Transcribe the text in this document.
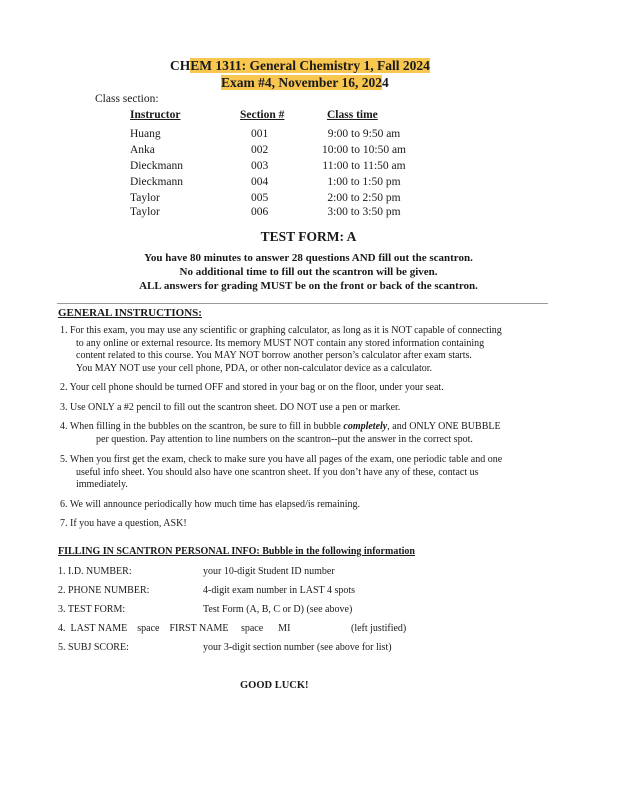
CHEM 1311: General Chemistry 1, Fall 2024
Exam #4, November 16, 2024
Class section:
Instructor	Section #	Class time
Huang	001	9:00 to 9:50 am
Anka	002	10:00 to 10:50 am
Dieckmann	003	11:00 to 11:50 am
Dieckmann	004	1:00 to 1:50 pm
Taylor	005	2:00 to 2:50 pm
Taylor	006	3:00 to 3:50 pm
TEST FORM: A
You have 80 minutes to answer 28 questions AND fill out the scantron.
No additional time to fill out the scantron will be given.
ALL answers for grading MUST be on the front or back of the scantron.
GENERAL INSTRUCTIONS:
1. For this exam, you may use any scientific or graphing calculator, as long as it is NOT capable of connecting
to any online or external resource. Its memory MUST NOT contain any stored information containing
content related to this course. You MAY NOT borrow another person’s calculator after exam starts.
You MAY NOT use your cell phone, PDA, or other non-calculator device as a calculator.
2. Your cell phone should be turned OFF and stored in your bag or on the floor, under your seat.
3. Use ONLY a #2 pencil to fill out the scantron sheet. DO NOT use a pen or marker.
4. When filling in the bubbles on the scantron, be sure to fill in bubble completely, and ONLY ONE BUBBLE
per question. Pay attention to line numbers on the scantron--put the answer in the correct spot.
5. When you first get the exam, check to make sure you have all pages of the exam, one periodic table and one
useful info sheet. You should also have one scantron sheet. If you don’t have any of these, contact us
immediately.
6. We will announce periodically how much time has elapsed/is remaining.
7. If you have a question, ASK!
FILLING IN SCANTRON PERSONAL INFO: Bubble in the following information
1. I.D. NUMBER:	your 10-digit Student ID number
2. PHONE NUMBER:	4-digit exam number in LAST 4 spots
3. TEST FORM:	Test Form (A, B, C or D) (see above)
4.  LAST NAME    space    FIRST NAME     space      MI	(left justified)
5. SUBJ SCORE:	your 3-digit section number (see above for list)
GOOD LUCK!
